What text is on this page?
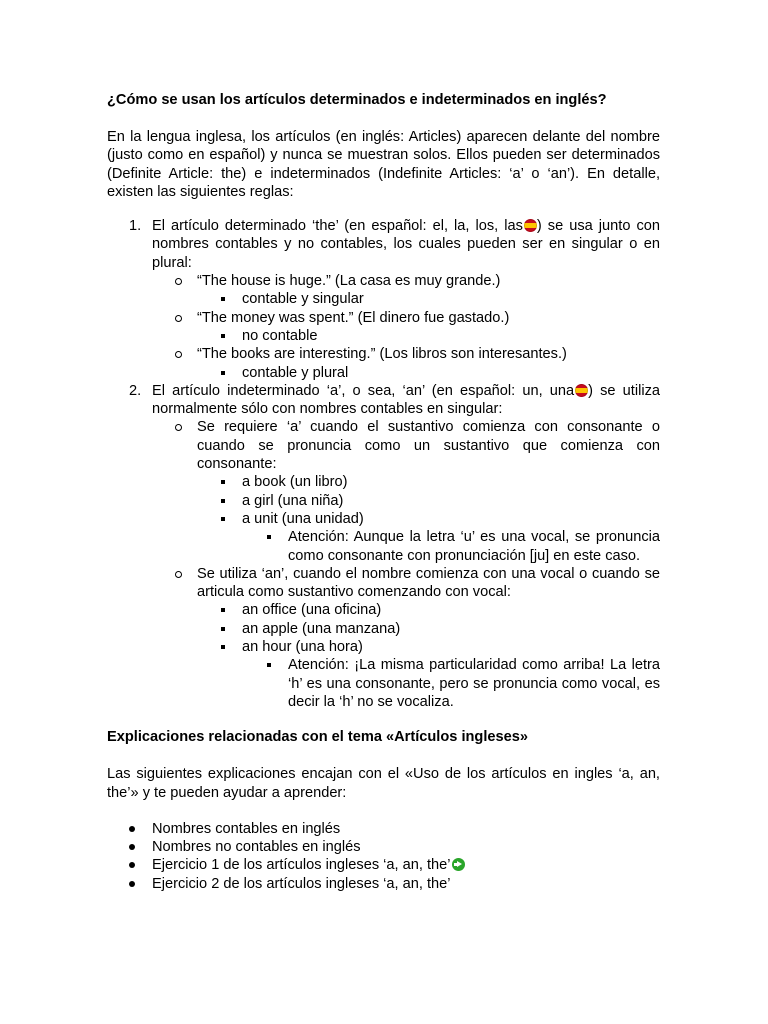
¿Cómo se usan los artículos determinados e indeterminados en inglés?

En la lengua inglesa, los artículos (en inglés: Articles) aparecen delante del nombre (justo como en español) y nunca se muestran solos. Ellos pueden ser determinados (Definite Article: the) e indeterminados (Indefinite Articles: ‘a’ o ‘an’). En detalle, existen las siguientes reglas:

1. El artículo determinado ‘the’ (en español: el, la, los, las ) se usa junto con nombres contables y no contables, los cuales pueden ser en singular o en plural:
“The house is huge.” (La casa es muy grande.)
contable y singular
“The money was spent.” (El dinero fue gastado.)
no contable
“The books are interesting.” (Los libros son interesantes.)
contable y plural
2. El artículo indeterminado ‘a’, o sea, ‘an’ (en español: un, una ) se utiliza normalmente sólo con nombres contables en singular:
Se requiere ‘a’ cuando el sustantivo comienza con consonante o cuando se pronuncia como un sustantivo que comienza con consonante:
a book (un libro)
a girl (una niña)
a unit (una unidad)
Atención: Aunque la letra ‘u’ es una vocal, se pronuncia como consonante con pronunciación [ju] en este caso.
Se utiliza ‘an’, cuando el nombre comienza con una vocal o cuando se articula como sustantivo comenzando con vocal:
an office (una oficina)
an apple (una manzana)
an hour (una hora)
Atención: ¡La misma particularidad como arriba! La letra ‘h’ es una consonante, pero se pronuncia como vocal, es decir la ‘h’ no se vocaliza.
Explicaciones relacionadas con el tema «Artículos ingleses»

Las siguientes explicaciones encajan con el «Uso de los artículos en ingles ‘a, an, the’» y te pueden ayudar a aprender:

Nombres contables en inglés
Nombres no contables en inglés
Ejercicio 1 de los artículos ingleses ‘a, an, the’
Ejercicio 2 de los artículos ingleses ‘a, an, the’
